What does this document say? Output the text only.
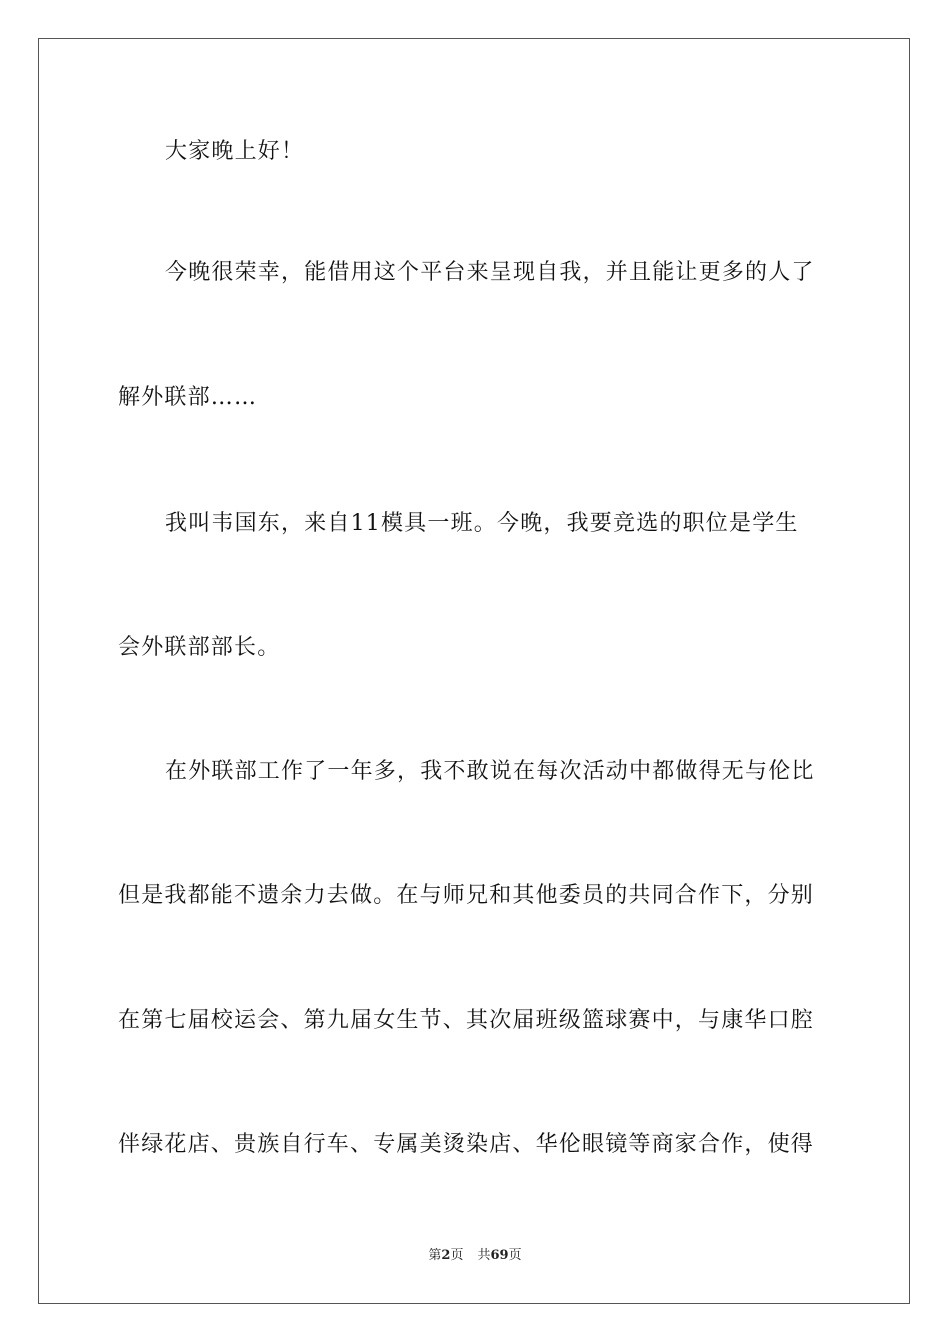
大家晚上好！
今晚很荣幸，能借用这个平台来呈现自我，并且能让更多的人了
解外联部……
我叫韦国东，来自11模具一班。今晚，我要竞选的职位是学生
会外联部部长。
在外联部工作了一年多，我不敢说在每次活动中都做得无与伦比
但是我都能不遗余力去做。在与师兄和其他委员的共同合作下，分别
在第七届校运会、第九届女生节、其次届班级篮球赛中，与康华口腔
伴绿花店、贵族自行车、专属美烫染店、华伦眼镜等商家合作，使得
第2页 共69页
